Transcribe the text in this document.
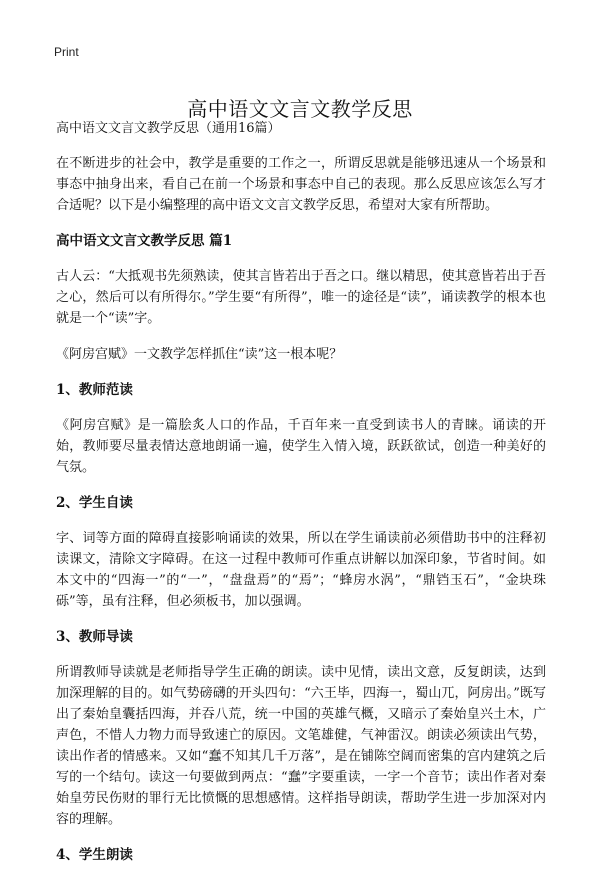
Print
高中语文文言文教学反思

高中语文文言文教学反思（通用16篇）

在不断进步的社会中，教学是重要的工作之一，所谓反思就是能够迅速从一个场景和事态中抽身出来，看自己在前一个场景和事态中自己的表现。那么反思应该怎么写才合适呢？以下是小编整理的高中语文文言文教学反思，希望对大家有所帮助。

高中语文文言文教学反思 篇1

古人云：“大抵观书先须熟读，使其言皆若出于吾之口。继以精思，使其意皆若出于吾之心，然后可以有所得尔。”学生要“有所得”，唯一的途径是“读”，诵读教学的根本也就是一个“读”字。

《阿房宫赋》一文教学怎样抓住“读”这一根本呢？

1、教师范读

《阿房宫赋》是一篇脍炙人口的作品，千百年来一直受到读书人的青睐。诵读的开始，教师要尽量表情达意地朗诵一遍，使学生入情入境，跃跃欲试，创造一种美好的气氛。

2、学生自读

字、词等方面的障碍直接影响诵读的效果，所以在学生诵读前必须借助书中的注释初读课文，清除文字障碍。在这一过程中教师可作重点讲解以加深印象，节省时间。如本文中的“四海一”的“一”，“盘盘焉”的“焉”；“蜂房水涡”，“鼎铛玉石”，“金块珠砾”等，虽有注释，但必须板书，加以强调。

3、教师导读

所谓教师导读就是老师指导学生正确的朗读。读中见情，读出文意，反复朗读，达到加深理解的目的。如气势磅礴的开头四句：“六王毕，四海一，蜀山兀，阿房出。”既写出了秦始皇囊括四海，并吞八荒，统一中国的英雄气概，又暗示了秦始皇兴土木，广声色，不惜人力物力而导致速亡的原因。文笔雄健，气神雷汉。朗读必须读出气势，读出作者的情感来。又如“蠢不知其几千万落”，是在铺陈空阔而密集的宫内建筑之后写的一个结句。读这一句要做到两点：“蠢”字要重读，一字一个音节；读出作者对秦始皇劳民伤财的罪行无比愤慨的思想感情。这样指导朗读，帮助学生进一步加深对内容的理解。

4、学生朗读
